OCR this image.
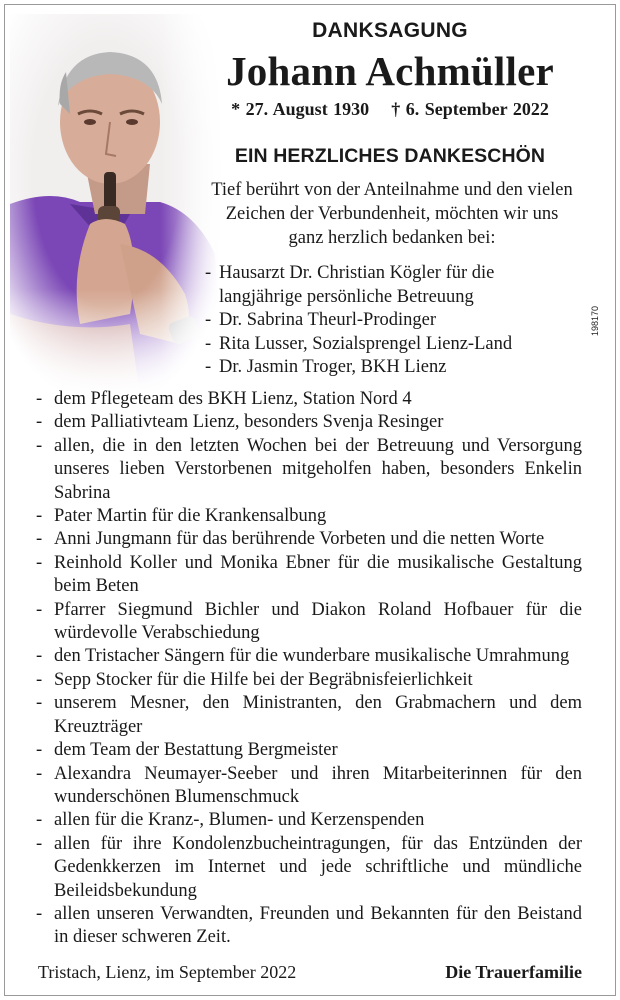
DANKSAGUNG
Johann Achmüller
* 27. August 1930 † 6. September 2022
EIN HERZLICHES DANKESCHÖN
Tief berührt von der Anteilnahme und den vielen Zeichen der Verbundenheit, möchten wir uns ganz herzlich bedanken bei:
198170
- Hausarzt Dr. Christian Kögler für die
langjährige persönliche Betreuung
- Dr. Sabrina Theurl-Prodinger
- Rita Lusser, Sozialsprengel Lienz-Land
- Dr. Jasmin Troger, BKH Lienz
- dem Pflegeteam des BKH Lienz, Station Nord 4
- dem Palliativteam Lienz, besonders Svenja Resinger
- allen, die in den letzten Wochen bei der Betreuung und Versorgung unseres lieben Verstorbenen mitgeholfen haben, besonders Enkelin Sabrina
- Pater Martin für die Krankensalbung
- Anni Jungmann für das berührende Vorbeten und die netten Worte
- Reinhold Koller und Monika Ebner für die musikalische Gestaltung beim Beten
- Pfarrer Siegmund Bichler und Diakon Roland Hofbauer für die würdevolle Verabschiedung
- den Tristacher Sängern für die wunderbare musikalische Umrahmung
- Sepp Stocker für die Hilfe bei der Begräbnisfeierlichkeit
- unserem Mesner, den Ministranten, den Grabmachern und dem Kreuzträger
- dem Team der Bestattung Bergmeister
- Alexandra Neumayer-Seeber und ihren Mitarbeiterinnen für den wunderschönen Blumenschmuck
- allen für die Kranz-, Blumen- und Kerzenspenden
- allen für ihre Kondolenzbucheintragungen, für das Entzünden der Gedenkkerzen im Internet und jede schriftliche und mündliche Beileidsbekundung
- allen unseren Verwandten, Freunden und Bekannten für den Beistand in dieser schweren Zeit.
Tristach, Lienz, im September 2022	Die Trauerfamilie
